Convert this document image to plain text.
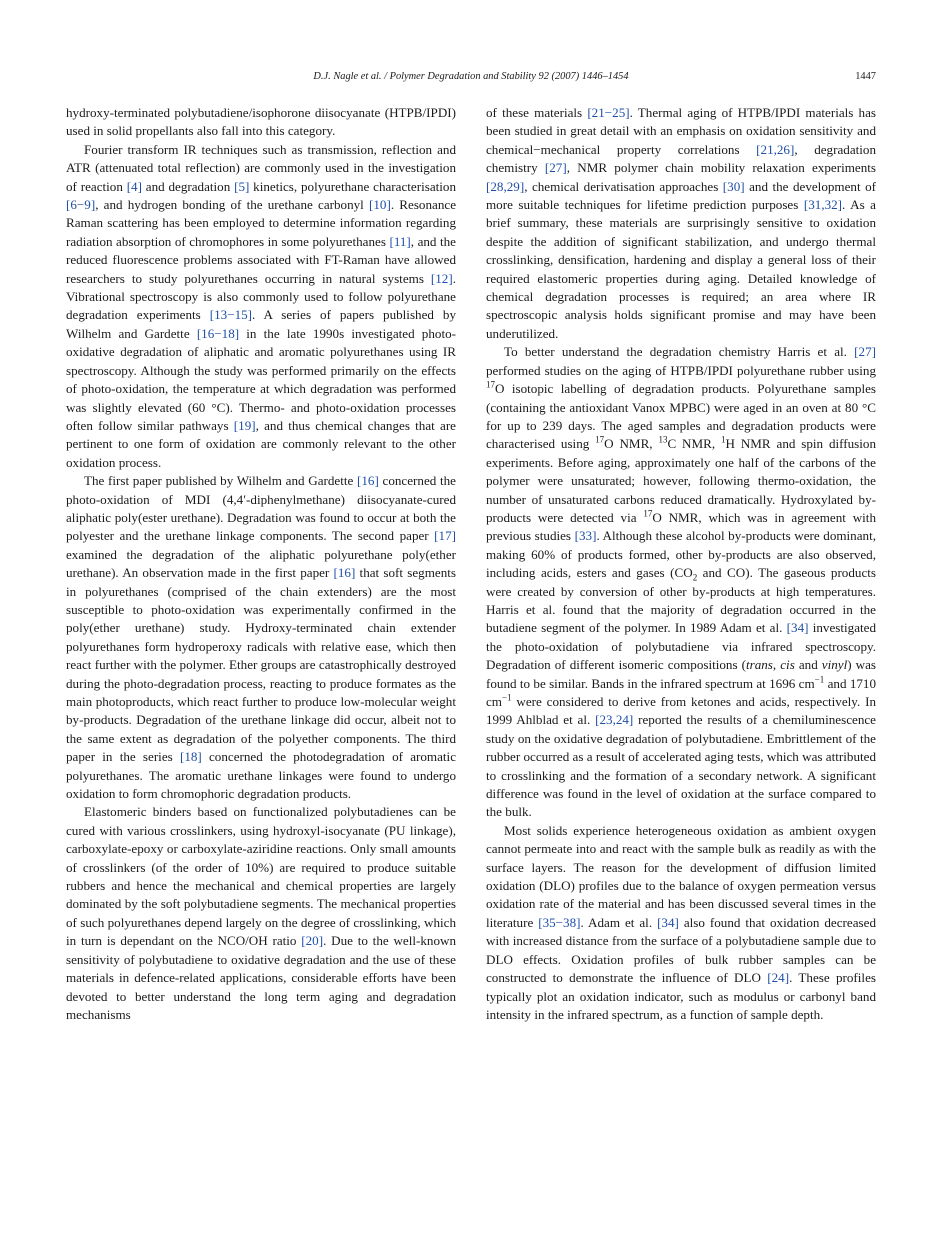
D.J. Nagle et al. / Polymer Degradation and Stability 92 (2007) 1446–1454	1447

hydroxy-terminated polybutadiene/isophorone diisocyanate (HTPB/IPDI) used in solid propellants also fall into this category.

Fourier transform IR techniques such as transmission, reflection and ATR (attenuated total reflection) are commonly used in the investigation of reaction [4] and degradation [5] kinetics, polyurethane characterisation [6−9], and hydrogen bonding of the urethane carbonyl [10]. Resonance Raman scattering has been employed to determine information regarding radiation absorption of chromophores in some polyurethanes [11], and the reduced fluorescence problems associated with FT-Raman have allowed researchers to study polyurethanes occurring in natural systems [12]. Vibrational spectroscopy is also commonly used to follow polyurethane degradation experiments [13−15]. A series of papers published by Wilhelm and Gardette [16−18] in the late 1990s investigated photo-oxidative degradation of aliphatic and aromatic polyurethanes using IR spectroscopy. Although the study was performed primarily on the effects of photo-oxidation, the temperature at which degradation was performed was slightly elevated (60 °C). Thermo- and photo-oxidation processes often follow similar pathways [19], and thus chemical changes that are pertinent to one form of oxidation are commonly relevant to the other oxidation process.

The first paper published by Wilhelm and Gardette [16] concerned the photo-oxidation of MDI (4,4′-diphenylmethane) diisocyanate-cured aliphatic poly(ester urethane). Degradation was found to occur at both the polyester and the urethane linkage components. The second paper [17] examined the degradation of the aliphatic polyurethane poly(ether urethane). An observation made in the first paper [16] that soft segments in polyurethanes (comprised of the chain extenders) are the most susceptible to photo-oxidation was experimentally confirmed in the poly(ether urethane) study. Hydroxy-terminated chain extender polyurethanes form hydroperoxy radicals with relative ease, which then react further with the polymer. Ether groups are catastrophically destroyed during the photo-degradation process, reacting to produce formates as the main photoproducts, which react further to produce low-molecular weight by-products. Degradation of the urethane linkage did occur, albeit not to the same extent as degradation of the polyether components. The third paper in the series [18] concerned the photodegradation of aromatic polyurethanes. The aromatic urethane linkages were found to undergo oxidation to form chromophoric degradation products.

Elastomeric binders based on functionalized polybutadienes can be cured with various crosslinkers, using hydroxyl-isocyanate (PU linkage), carboxylate-epoxy or carboxylate-aziridine reactions. Only small amounts of crosslinkers (of the order of 10%) are required to produce suitable rubbers and hence the mechanical and chemical properties are largely dominated by the soft polybutadiene segments. The mechanical properties of such polyurethanes depend largely on the degree of crosslinking, which in turn is dependant on the NCO/OH ratio [20]. Due to the well-known sensitivity of polybutadiene to oxidative degradation and the use of these materials in defence-related applications, considerable efforts have been devoted to better understand the long term aging and degradation mechanisms

of these materials [21−25]. Thermal aging of HTPB/IPDI materials has been studied in great detail with an emphasis on oxidation sensitivity and chemical−mechanical property correlations [21,26], degradation chemistry [27], NMR polymer chain mobility relaxation experiments [28,29], chemical derivatisation approaches [30] and the development of more suitable techniques for lifetime prediction purposes [31,32]. As a brief summary, these materials are surprisingly sensitive to oxidation despite the addition of significant stabilization, and undergo thermal crosslinking, densification, hardening and display a general loss of their required elastomeric properties during aging. Detailed knowledge of chemical degradation processes is required; an area where IR spectroscopic analysis holds significant promise and may have been underutilized.

To better understand the degradation chemistry Harris et al. [27] performed studies on the aging of HTPB/IPDI polyurethane rubber using $^{17}$O isotopic labelling of degradation products. Polyurethane samples (containing the antioxidant Vanox MPBC) were aged in an oven at 80 °C for up to 239 days. The aged samples and degradation products were characterised using $^{17}$O NMR, $^{13}$C NMR, $^1$H NMR and spin diffusion experiments. Before aging, approximately one half of the carbons of the polymer were unsaturated; however, following thermo-oxidation, the number of unsaturated carbons reduced dramatically. Hydroxylated by-products were detected via $^{17}$O NMR, which was in agreement with previous studies [33]. Although these alcohol by-products were dominant, making 60% of products formed, other by-products are also observed, including acids, esters and gases ($CO_2$ and CO). The gaseous products were created by conversion of other by-products at high temperatures. Harris et al. found that the majority of degradation occurred in the butadiene segment of the polymer. In 1989 Adam et al. [34] investigated the photo-oxidation of polybutadiene via infrared spectroscopy. Degradation of different isomeric compositions (trans, cis and vinyl) was found to be similar. Bands in the infrared spectrum at 1696 $cm^{-1}$ and 1710 $cm^{-1}$ were considered to derive from ketones and acids, respectively. In 1999 Ahlblad et al. [23,24] reported the results of a chemiluminescence study on the oxidative degradation of polybutadiene. Embrittlement of the rubber occurred as a result of accelerated aging tests, which was attributed to crosslinking and the formation of a secondary network. A significant difference was found in the level of oxidation at the surface compared to the bulk.

Most solids experience heterogeneous oxidation as ambient oxygen cannot permeate into and react with the sample bulk as readily as with the surface layers. The reason for the development of diffusion limited oxidation (DLO) profiles due to the balance of oxygen permeation versus oxidation rate of the material and has been discussed several times in the literature [35−38]. Adam et al. [34] also found that oxidation decreased with increased distance from the surface of a polybutadiene sample due to DLO effects. Oxidation profiles of bulk rubber samples can be constructed to demonstrate the influence of DLO [24]. These profiles typically plot an oxidation indicator, such as modulus or carbonyl band intensity in the infrared spectrum, as a function of sample depth.
